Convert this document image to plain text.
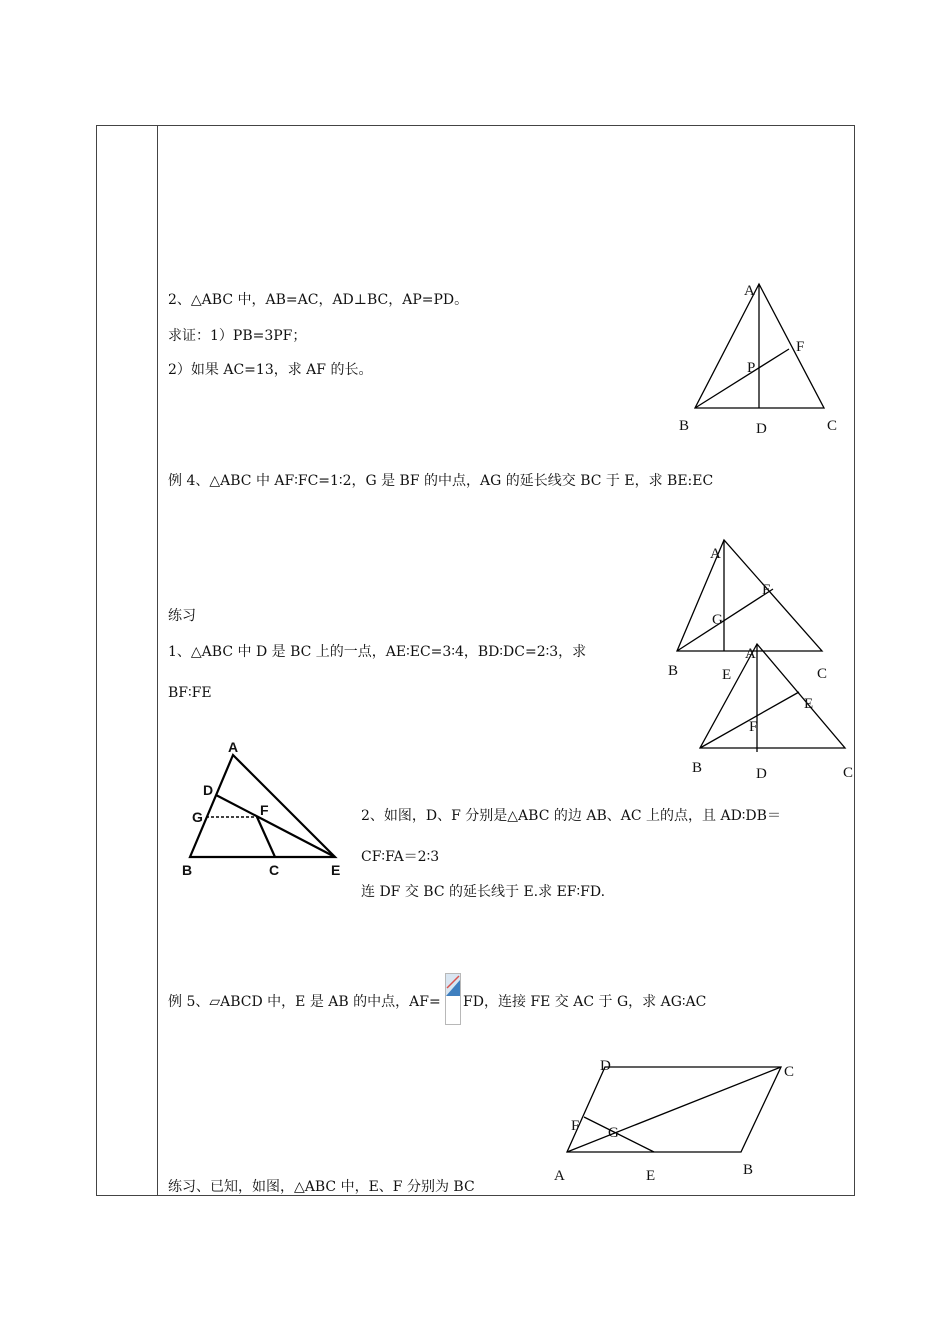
2、△ABC 中，AB=AC，AD⊥BC，AP=PD。
求证：1）PB=3PF；
2）如果 AC=13，求 AF 的长。
A
F
P
B	D	C
例 4、△ABC 中 AF∶FC=1∶2，G 是 BF 的中点，AG 的延长线交 BC 于 E，求 BE:EC
A
F
G
B	E	C
练习
1、△ABC 中 D 是 BC 上的一点，AE∶EC=3∶4，BD∶DC=2∶3，求
BF∶FE
A
E
F
B	D	C
A
D
G	F
B	C	E
2、如图，D、F 分别是△ABC 的边 AB、AC 上的点，且 AD∶DB＝
CF∶FA＝2∶3
连 DF 交 BC 的延长线于 E.求 EF∶FD.
例 5、▱ABCD 中，E 是 AB 的中点，AF= FD，连接 FE 交 AC 于 G，求 AG∶AC
D	C
F G
A	E	B
练习、已知，如图，△ABC 中，E、F 分别为 BC
